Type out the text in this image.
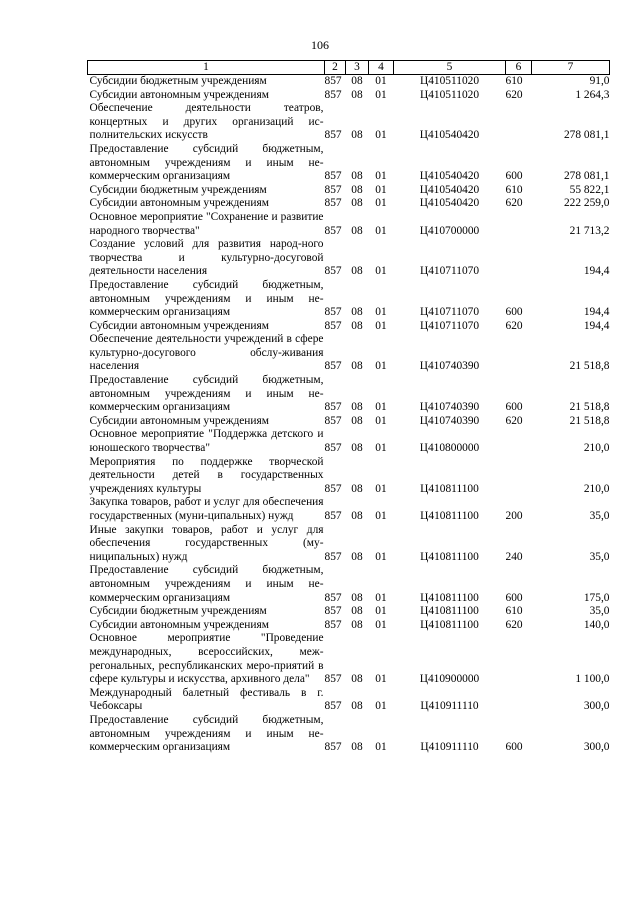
106
1	2	3	4	5	6	7
Субсидии бюджетным учреждениям	857	08	01	Ц410511020	610	91,0
Субсидии автономным учреждениям	857	08	01	Ц410511020	620	1 264,3
Обеспечение деятельности театров, концертных и других организаций ис-полнительских искусств	857	08	01	Ц410540420		278 081,1
Предоставление субсидий бюджетным, автономным учреждениям и иным не-коммерческим организациям	857	08	01	Ц410540420	600	278 081,1
Субсидии бюджетным учреждениям	857	08	01	Ц410540420	610	55 822,1
Субсидии автономным учреждениям	857	08	01	Ц410540420	620	222 259,0
Основное мероприятие "Сохранение и развитие народного творчества"	857	08	01	Ц410700000		21 713,2
Создание условий для развития народ-ного творчества и культурно-досуговой деятельности населения	857	08	01	Ц410711070		194,4
Предоставление субсидий бюджетным, автономным учреждениям и иным не-коммерческим организациям	857	08	01	Ц410711070	600	194,4
Субсидии автономным учреждениям	857	08	01	Ц410711070	620	194,4
Обеспечение деятельности учреждений в сфере культурно-досугового обслу-живания населения	857	08	01	Ц410740390		21 518,8
Предоставление субсидий бюджетным, автономным учреждениям и иным не-коммерческим организациям	857	08	01	Ц410740390	600	21 518,8
Субсидии автономным учреждениям	857	08	01	Ц410740390	620	21 518,8
Основное мероприятие "Поддержка детского и юношеского творчества"	857	08	01	Ц410800000		210,0
Мероприятия по поддержке творческой деятельности детей в государственных учреждениях культуры	857	08	01	Ц410811100		210,0
Закупка товаров, работ и услуг для обеспечения государственных (муни-ципальных) нужд	857	08	01	Ц410811100	200	35,0
Иные закупки товаров, работ и услуг для обеспечения государственных (му-ниципальных) нужд	857	08	01	Ц410811100	240	35,0
Предоставление субсидий бюджетным, автономным учреждениям и иным не-коммерческим организациям	857	08	01	Ц410811100	600	175,0
Субсидии бюджетным учреждениям	857	08	01	Ц410811100	610	35,0
Субсидии автономным учреждениям	857	08	01	Ц410811100	620	140,0
Основное мероприятие "Проведение международных, всероссийских, меж-регональных, республиканских меро-приятий в сфере культуры и искусства, архивного дела"	857	08	01	Ц410900000		1 100,0
Международный балетный фестиваль в г. Чебоксары	857	08	01	Ц410911110		300,0
Предоставление субсидий бюджетным, автономным учреждениям и иным не-коммерческим организациям	857	08	01	Ц410911110	600	300,0
